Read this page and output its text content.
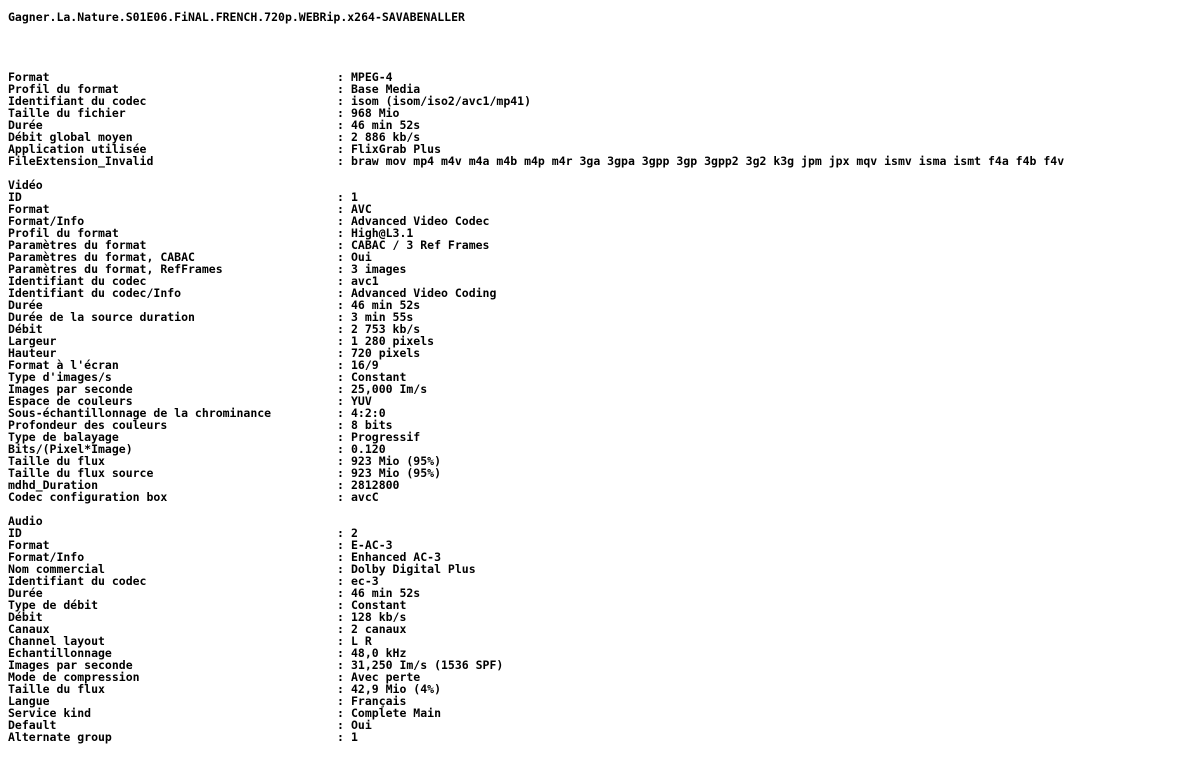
Gagner.La.Nature.S01E06.FiNAL.FRENCH.720p.WEBRip.x264-SAVABENALLER
Format	: MPEG-4
Profil du format	: Base Media
Identifiant du codec	: isom (isom/iso2/avc1/mp41)
Taille du fichier	: 968 Mio
Durée	: 46 min 52s
Débit global moyen	: 2 886 kb/s
Application utilisée	: FlixGrab Plus
FileExtension_Invalid	: braw mov mp4 m4v m4a m4b m4p m4r 3ga 3gpa 3gpp 3gp 3gpp2 3g2 k3g jpm jpx mqv ismv isma ismt f4a f4b f4v
Vidéo
ID	: 1
Format	: AVC
Format/Info	: Advanced Video Codec
Profil du format	: High@L3.1
Paramètres du format	: CABAC / 3 Ref Frames
Paramètres du format, CABAC	: Oui
Paramètres du format, RefFrames	: 3 images
Identifiant du codec	: avc1
Identifiant du codec/Info	: Advanced Video Coding
Durée	: 46 min 52s
Durée de la source duration	: 3 min 55s
Débit	: 2 753 kb/s
Largeur	: 1 280 pixels
Hauteur	: 720 pixels
Format à l'écran	: 16/9
Type d'images/s	: Constant
Images par seconde	: 25,000 Im/s
Espace de couleurs	: YUV
Sous-échantillonnage de la chrominance	: 4:2:0
Profondeur des couleurs	: 8 bits
Type de balayage	: Progressif
Bits/(Pixel*Image)	: 0.120
Taille du flux	: 923 Mio (95%)
Taille du flux source	: 923 Mio (95%)
mdhd_Duration	: 2812800
Codec configuration box	: avcC
Audio
ID	: 2
Format	: E-AC-3
Format/Info	: Enhanced AC-3
Nom commercial	: Dolby Digital Plus
Identifiant du codec	: ec-3
Durée	: 46 min 52s
Type de débit	: Constant
Débit	: 128 kb/s
Canaux	: 2 canaux
Channel layout	: L R
Echantillonnage	: 48,0 kHz
Images par seconde	: 31,250 Im/s (1536 SPF)
Mode de compression	: Avec perte
Taille du flux	: 42,9 Mio (4%)
Langue	: Français
Service kind	: Complete Main
Default	: Oui
Alternate group	: 1
